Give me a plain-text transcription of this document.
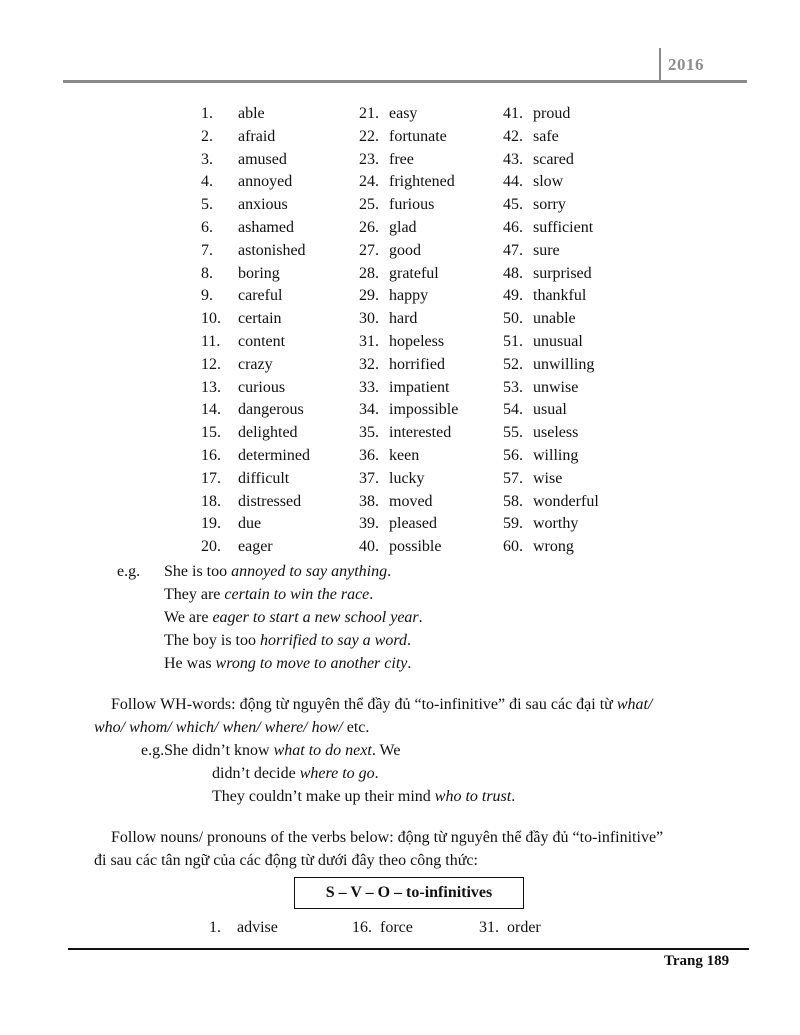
2016
1. able
2. afraid
3. amused
4. annoyed
5. anxious
6. ashamed
7. astonished
8. boring
9. careful
10. certain
11. content
12. crazy
13. curious
14. dangerous
15. delighted
16. determined
17. difficult
18. distressed
19. due
20. eager
21. easy
22. fortunate
23. free
24. frightened
25. furious
26. glad
27. good
28. grateful
29. happy
30. hard
31. hopeless
32. horrified
33. impatient
34. impossible
35. interested
36. keen
37. lucky
38. moved
39. pleased
40. possible
41. proud
42. safe
43. scared
44. slow
45. sorry
46. sufficient
47. sure
48. surprised
49. thankful
50. unable
51. unusual
52. unwilling
53. unwise
54. usual
55. useless
56. willing
57. wise
58. wonderful
59. worthy
60. wrong
e.g. She is too annoyed to say anything.
They are certain to win the race.
We are eager to start a new school year.
The boy is too horrified to say a word.
He was wrong to move to another city.
Follow WH-words: động từ nguyên thể đầy đủ “to-infinitive” đi sau các đại từ what/
who/ whom/ which/ when/ where/ how/ etc.
e.g.She didn’t know what to do next. We
didn’t decide where to go.
They couldn’t make up their mind who to trust.
Follow nouns/ pronouns of the verbs below: động từ nguyên thể đầy đủ “to-infinitive”
đi sau các tân ngữ của các động từ dưới đây theo công thức:
S – V – O – to-infinitives
1. advise	16. force	31. order
Trang 189
